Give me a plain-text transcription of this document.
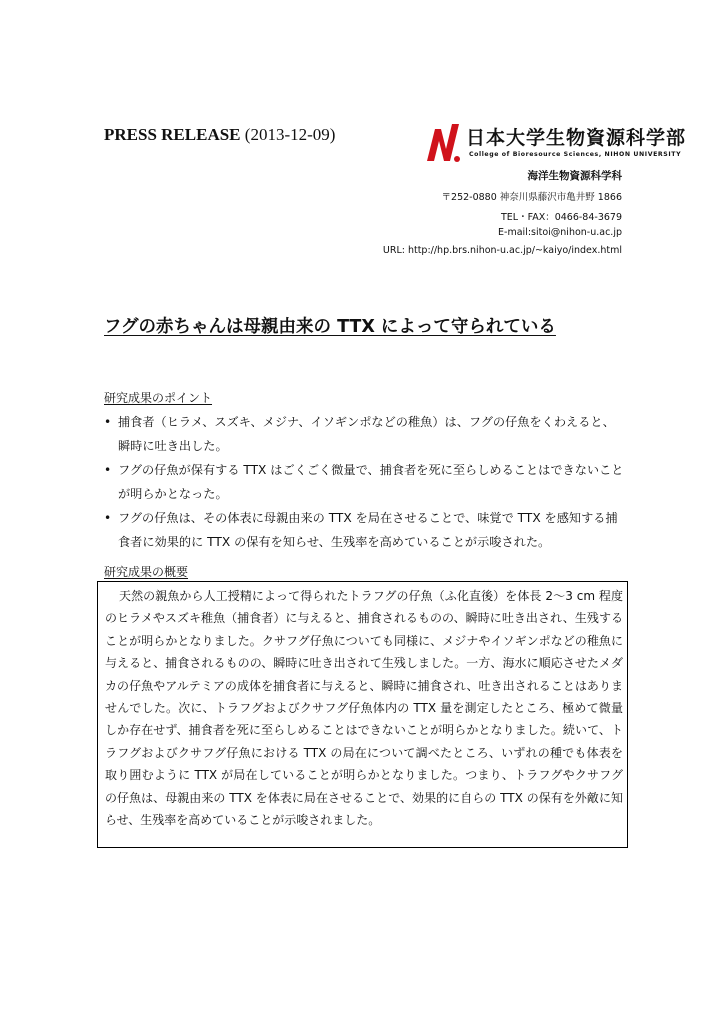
PRESS RELEASE (2013-12-09)	日本大学生物資源科学部
College of Bioresource Sciences, NIHON UNIVERSITY
海洋生物資源科学科
〒252-0880 神奈川県藤沢市亀井野 1866
TEL・FAX：0466-84-3679
E-mail:sitoi@nihon-u.ac.jp
URL: http://hp.brs.nihon-u.ac.jp/~kaiyo/index.html
フグの赤ちゃんは母親由来の TTX によって守られている
研究成果のポイント
• 捕食者（ヒラメ、スズキ、メジナ、イソギンポなどの稚魚）は、フグの仔魚をくわえると、瞬時に吐き出した。
• フグの仔魚が保有する TTX はごくごく微量で、捕食者を死に至らしめることはできないことが明らかとなった。
• フグの仔魚は、その体表に母親由来の TTX を局在させることで、味覚で TTX を感知する捕食者に効果的に TTX の保有を知らせ、生残率を高めていることが示唆された。
研究成果の概要
天然の親魚から人工授精によって得られたトラフグの仔魚（ふ化直後）を体長 2〜3 cm 程度のヒラメやスズキ稚魚（捕食者）に与えると、捕食されるものの、瞬時に吐き出され、生残することが明らかとなりました。クサフグ仔魚についても同様に、メジナやイソギンポなどの稚魚に与えると、捕食されるものの、瞬時に吐き出されて生残しました。一方、海水に順応させたメダカの仔魚やアルテミアの成体を捕食者に与えると、瞬時に捕食され、吐き出されることはありませんでした。次に、トラフグおよびクサフグ仔魚体内の TTX 量を測定したところ、極めて微量しか存在せず、捕食者を死に至らしめることはできないことが明らかとなりました。続いて、トラフグおよびクサフグ仔魚における TTX の局在について調べたところ、いずれの種でも体表を取り囲むように TTX が局在していることが明らかとなりました。つまり、トラフグやクサフグの仔魚は、母親由来の TTX を体表に局在させることで、効果的に自らの TTX の保有を外敵に知らせ、生残率を高めていることが示唆されました。
